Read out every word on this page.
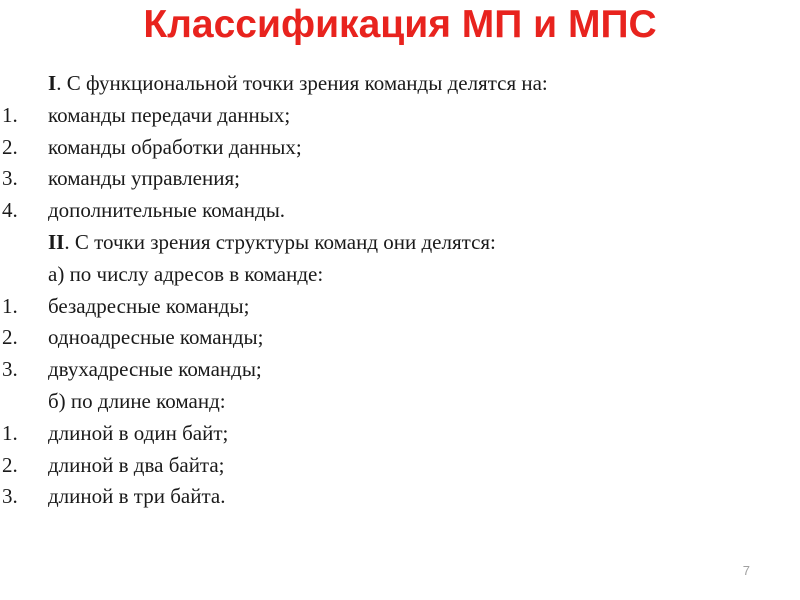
Классификация МП и МПС
I. С функциональной точки зрения команды делятся на:
1. команды передачи данных;
2. команды обработки данных;
3. команды управления;
4. дополнительные команды.
II. С точки зрения структуры команд они делятся:
а) по числу адресов в команде:
1. безадресные команды;
2. одноадресные команды;
3. двухадресные команды;
б) по длине команд:
1. длиной в один байт;
2. длиной в два байта;
3. длиной в три байта.
7
